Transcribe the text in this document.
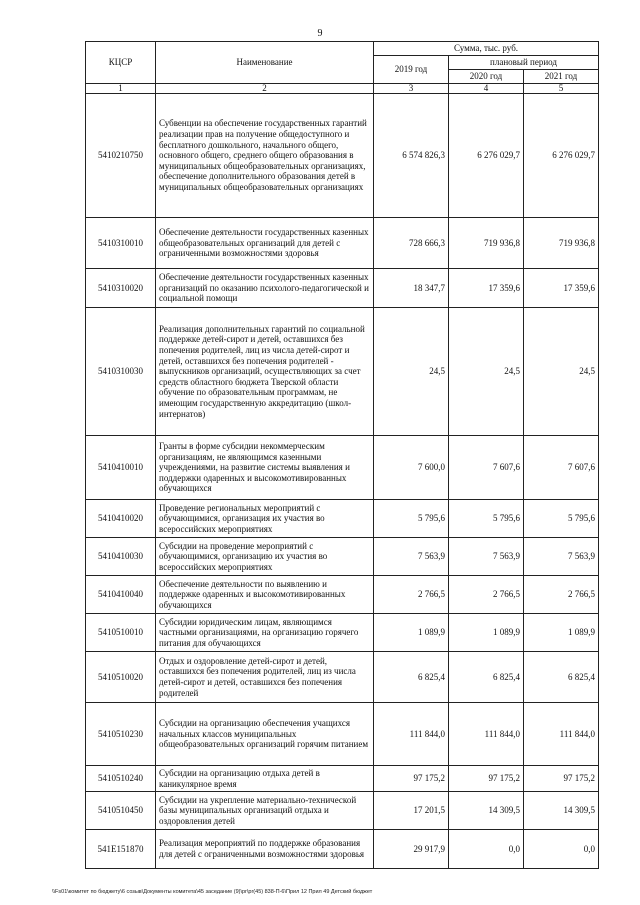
9
КЦСР	Наименование	Сумма, тыс. руб.		
		2019 год	плановый период	
			2020 год	2021 год
1	2	3	4	5
5410210750	Субвенции на обеспечение государственных гарантий реализации прав на получение общедоступного и бесплатного дошкольного, начального общего, основного общего, среднего общего образования в муниципальных общеобразовательных организациях, обеспечение дополнительного образования детей в муниципальных общеобразовательных организациях	6 574 826,3	6 276 029,7	6 276 029,7
5410310010	Обеспечение деятельности государственных казенных общеобразовательных организаций для детей с ограниченными возможностями здоровья	728 666,3	719 936,8	719 936,8
5410310020	Обеспечение деятельности государственных казенных организаций по оказанию психолого-педагогической и социальной помощи	18 347,7	17 359,6	17 359,6
5410310030	Реализация дополнительных гарантий по социальной поддержке детей-сирот и детей, оставшихся без попечения родителей, лиц из числа детей-сирот и детей, оставшихся без попечения родителей - выпускников организаций, осуществляющих за счет средств областного бюджета Тверской области обучение по образовательным программам, не имеющим государственную аккредитацию (школ-интернатов)	24,5	24,5	24,5
5410410010	Гранты в форме субсидии некоммерческим организациям, не являющимся казенными учреждениями, на развитие системы выявления и поддержки одаренных и высокомотивированных обучающихся	7 600,0	7 607,6	7 607,6
5410410020	Проведение региональных мероприятий с обучающимися, организация их участия во всероссийских мероприятиях	5 795,6	5 795,6	5 795,6
5410410030	Субсидии на проведение мероприятий с обучающимися, организацию их участия во всероссийских мероприятиях	7 563,9	7 563,9	7 563,9
5410410040	Обеспечение деятельности по выявлению и поддержке одаренных и высокомотивированных обучающихся	2 766,5	2 766,5	2 766,5
5410510010	Субсидии юридическим лицам, являющимся частными организациями, на организацию горячего питания для обучающихся	1 089,9	1 089,9	1 089,9
5410510020	Отдых и оздоровление детей-сирот и детей, оставшихся без попечения родителей, лиц из числа детей-сирот и детей, оставшихся без попечения родителей	6 825,4	6 825,4	6 825,4
5410510230	Субсидии на организацию обеспечения учащихся начальных классов муниципальных общеобразовательных организаций горячим питанием	111 844,0	111 844,0	111 844,0
5410510240	Субсидии на организацию отдыха детей в каникулярное время	97 175,2	97 175,2	97 175,2
5410510450	Субсидии на укрепление материально-технической базы муниципальных организаций отдыха и оздоровления детей	17 201,5	14 309,5	14 309,5
541E151870	Реализация мероприятий по поддержке образования для детей с ограниченными возможностями здоровья	29 917,9	0,0	0,0
\\Fs01\комитет по бюджету\6 созыв\Документы комитета\45 заседание (9)\pr\pr(45) 838-П-6\Прил 12 Прил 49 Детский бюджет
